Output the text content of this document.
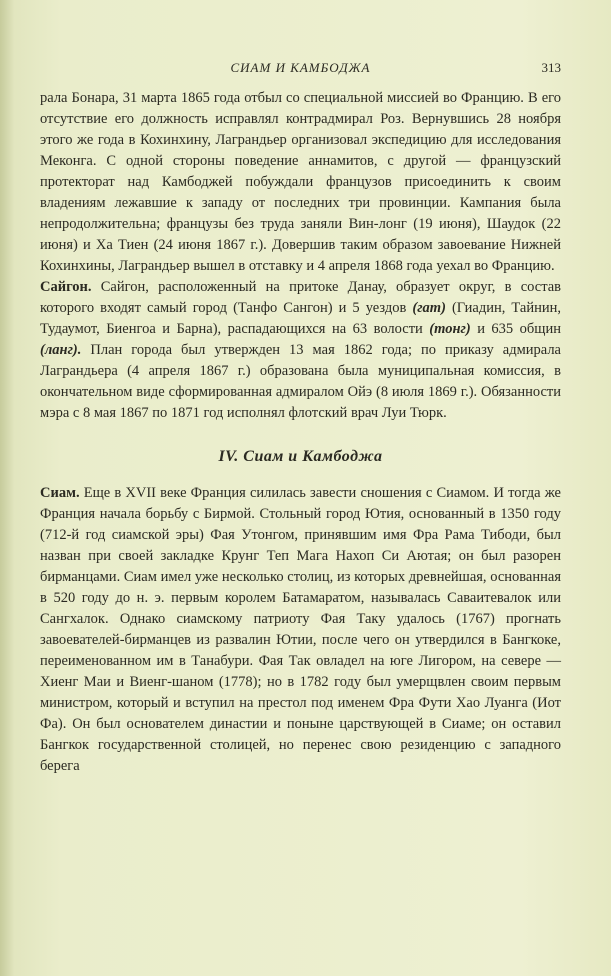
СИАМ И КАМБОДЖА	313

рала Бонара, 31 марта 1865 года отбыл со специальной миссией во Францию. В его отсутствие его должность исправлял контрадмирал Роз. Вернувшись 28 ноября этого же года в Кохинхину, Лаграндьер организовал экспедицию для исследования Меконга. С одной стороны поведение аннамитов, с другой — французский протекторат над Камбоджей побуждали французов присоединить к своим владениям лежавшие к западу от последних три провинции. Кампания была непродолжительна; французы без труда заняли Вин-лонг (19 июня), Шаудок (22 июня) и Ха Тиен (24 июня 1867 г.). Довершив таким образом завоевание Нижней Кохинхины, Лаграндьер вышел в отставку и 4 апреля 1868 года уехал во Францию.

Сайгон. Сайгон, расположенный на притоке Данау, образует округ, в состав которого входят самый город (Танфо Сангон) и 5 уездов (гат) (Гиадин, Тайнин, Тудаумот, Биенгоа и Барна), распадающихся на 63 волости (тонг) и 635 общин (ланг). План города был утвержден 13 мая 1862 года; по приказу адмирала Лаграндьера (4 апреля 1867 г.) образована была муниципальная комиссия, в окончательном виде сформированная адмиралом Ойэ (8 июля 1869 г.). Обязанности мэра с 8 мая 1867 по 1871 год исполнял флотский врач Луи Тюрк.

IV. Сиам и Камбоджа

Сиам. Еще в XVII веке Франция силилась завести сношения с Сиамом. И тогда же Франция начала борьбу с Бирмой. Стольный город Ютия, основанный в 1350 году (712-й год сиамской эры) Фая Утонгом, принявшим имя Фра Рама Тибоди, был назван при своей закладке Крунг Теп Мага Нахоп Си Аютая; он был разорен бирманцами. Сиам имел уже несколько столиц, из которых древнейшая, основанная в 520 году до н. э. первым королем Батамаратом, называлась Саваитевалок или Сангхалок. Однако сиамскому патриоту Фая Таку удалось (1767) прогнать завоевателей-бирманцев из развалин Ютии, после чего он утвердился в Бангкоке, переименованном им в Танабури. Фая Так овладел на юге Лигором, на севере — Хиенг Маи и Виенг-шаном (1778); но в 1782 году был умерщвлен своим первым министром, который и вступил на престол под именем Фра Фути Хао Луанга (Иот Фа). Он был основателем династии и поныне царствующей в Сиаме; он оставил Бангкок государственной столицей, но перенес свою резиденцию с западного берега
